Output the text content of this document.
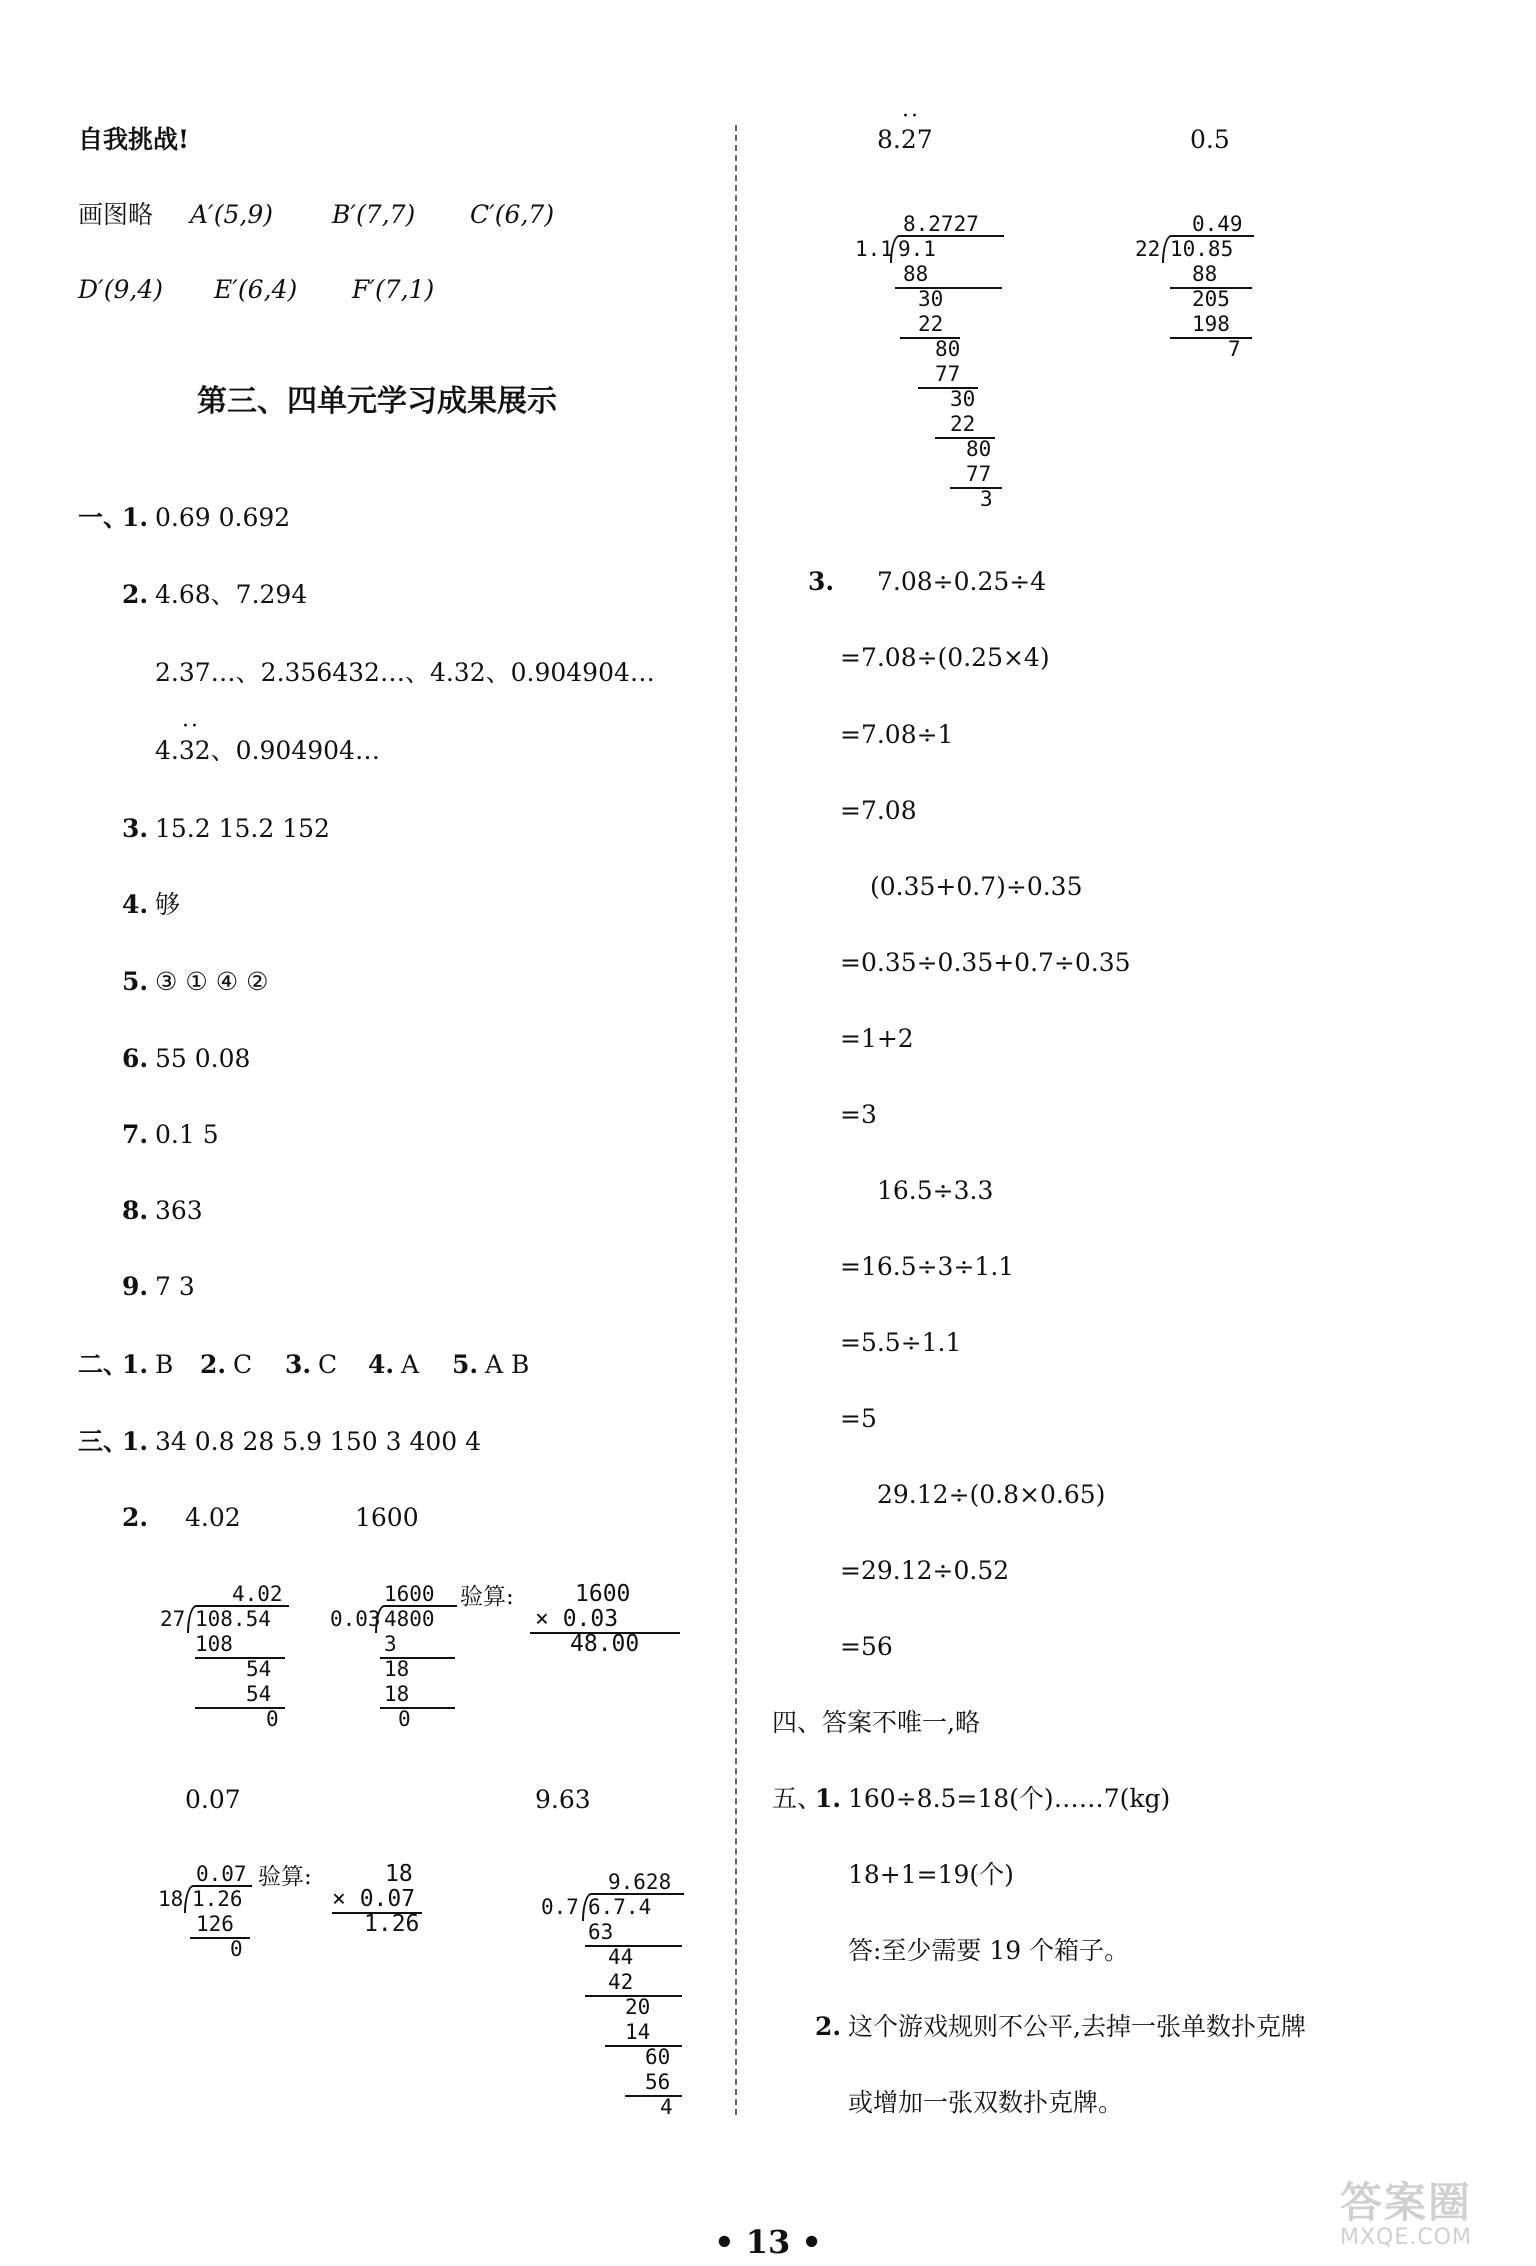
自我挑战!
画图略 A′(5,9) B′(7,7) C′(6,7)
D′(9,4) E′(6,4) F′(7,1)
第三、四单元学习成果展示
一、
1. 0.69 0.692
2. 4.68、7.294
2.37…、2.356432…、4.32、0.904904…
··
4.32、0.904904…
3. 15.2 15.2 152
4. 够
5. ③ ① ④ ②
6. 55 0.08
7. 0.1 5
8. 363
9. 7 3
二、
1. B 2. C 3. C 4. A 5. A B
三、
1. 34 0.8 28 5.9 150 3 400 4
2. 4.02	1600
4.02
27 108.54
108
54
54
0
1600
0.03 4800
3
18
18
0
验算:	1600
× 0.03
48.00
0.07	9.63
0.07
18 1.26
126
0
验算:	18
× 0.07
1.26
9.628
0.7 6.7.4
63
44
42
20
14
60
56
4
··
8.27	0.5
8.2727
1.1 9.1
88
30
22
80
77
30
22
80
77
3
0.49
22 10.85
88
205
198
7
3. 7.08÷0.25÷4
=7.08÷(0.25×4)
=7.08÷1
=7.08
(0.35+0.7)÷0.35
=0.35÷0.35+0.7÷0.35
=1+2
=3
16.5÷3.3
=16.5÷3÷1.1
=5.5÷1.1
=5
29.12÷(0.8×0.65)
=29.12÷0.52
=56
四、答案不唯一,略
五、
1. 160÷8.5=18(个)……7(kg)
18+1=19(个)
答:至少需要 19 个箱子。
2. 这个游戏规则不公平,去掉一张单数扑克牌
或增加一张双数扑克牌。
• 13 •
答案圈
MXQE.COM
